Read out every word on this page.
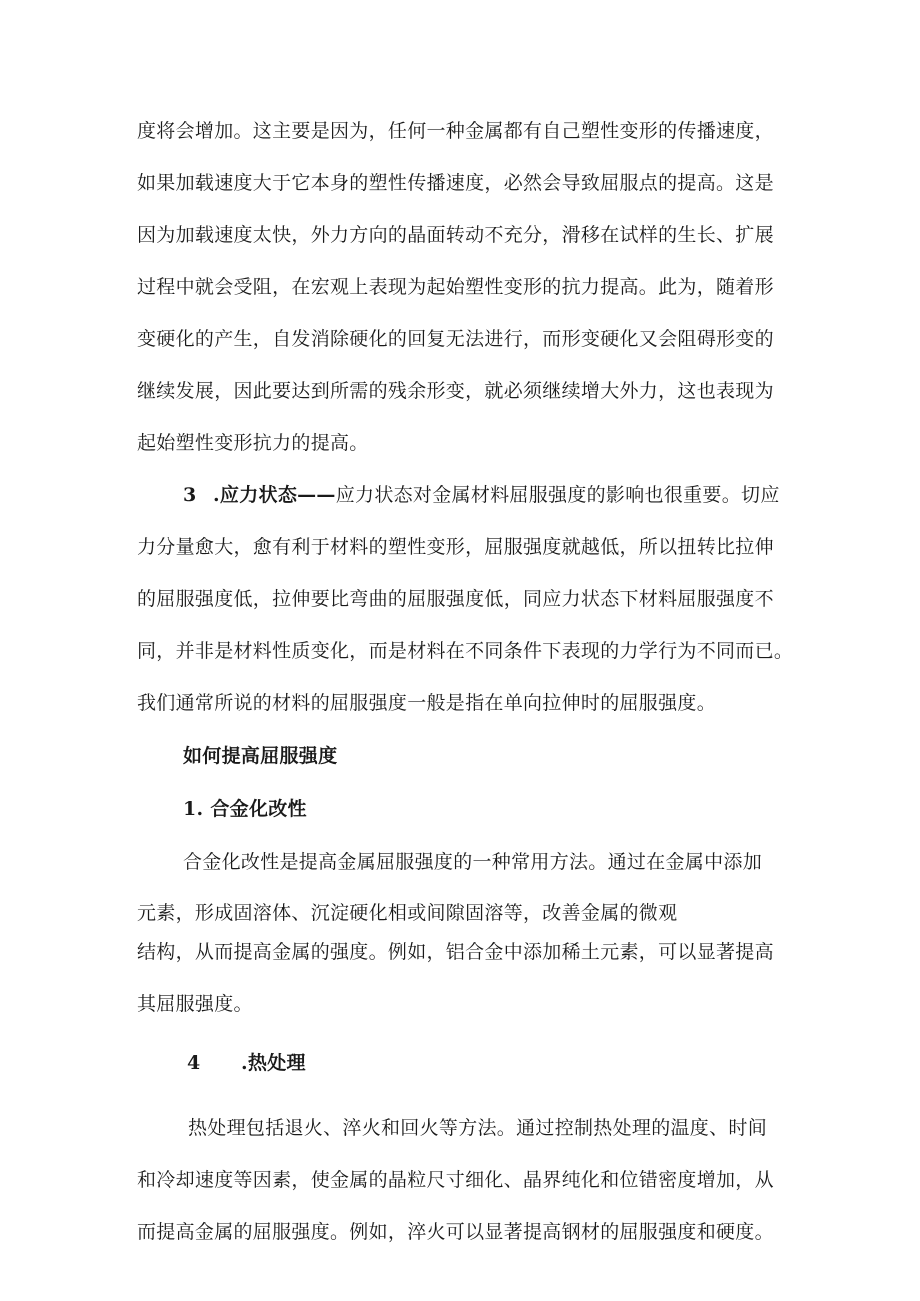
度将会增加。这主要是因为，任何一种金属都有自己塑性变形的传播速度，
如果加载速度大于它本身的塑性传播速度，必然会导致屈服点的提高。这是
因为加载速度太快，外力方向的晶面转动不充分，滑移在试样的生长、扩展
过程中就会受阻，在宏观上表现为起始塑性变形的抗力提高。此为，随着形
变硬化的产生，自发消除硬化的回复无法进行，而形变硬化又会阻碍形变的
继续发展，因此要达到所需的残余形变，就必须继续增大外力，这也表现为
起始塑性变形抗力的提高。
3 .应力状态——应力状态对金属材料屈服强度的影响也很重要。切应
力分量愈大，愈有利于材料的塑性变形，屈服强度就越低，所以扭转比拉伸
的屈服强度低，拉伸要比弯曲的屈服强度低，同应力状态下材料屈服强度不
同，并非是材料性质变化，而是材料在不同条件下表现的力学行为不同而已。
我们通常所说的材料的屈服强度一般是指在单向拉伸时的屈服强度。
如何提高屈服强度
1. 合金化改性
合金化改性是提高金属屈服强度的一种常用方法。通过在金属中添加
元素，形成固溶体、沉淀硬化相或间隙固溶等，改善金属的微观
结构，从而提高金属的强度。例如，铝合金中添加稀土元素，可以显著提高
其屈服强度。
4 .热处理
热处理包括退火、淬火和回火等方法。通过控制热处理的温度、时间
和冷却速度等因素，使金属的晶粒尺寸细化、晶界纯化和位错密度增加，从
而提高金属的屈服强度。例如，淬火可以显著提高钢材的屈服强度和硬度。
